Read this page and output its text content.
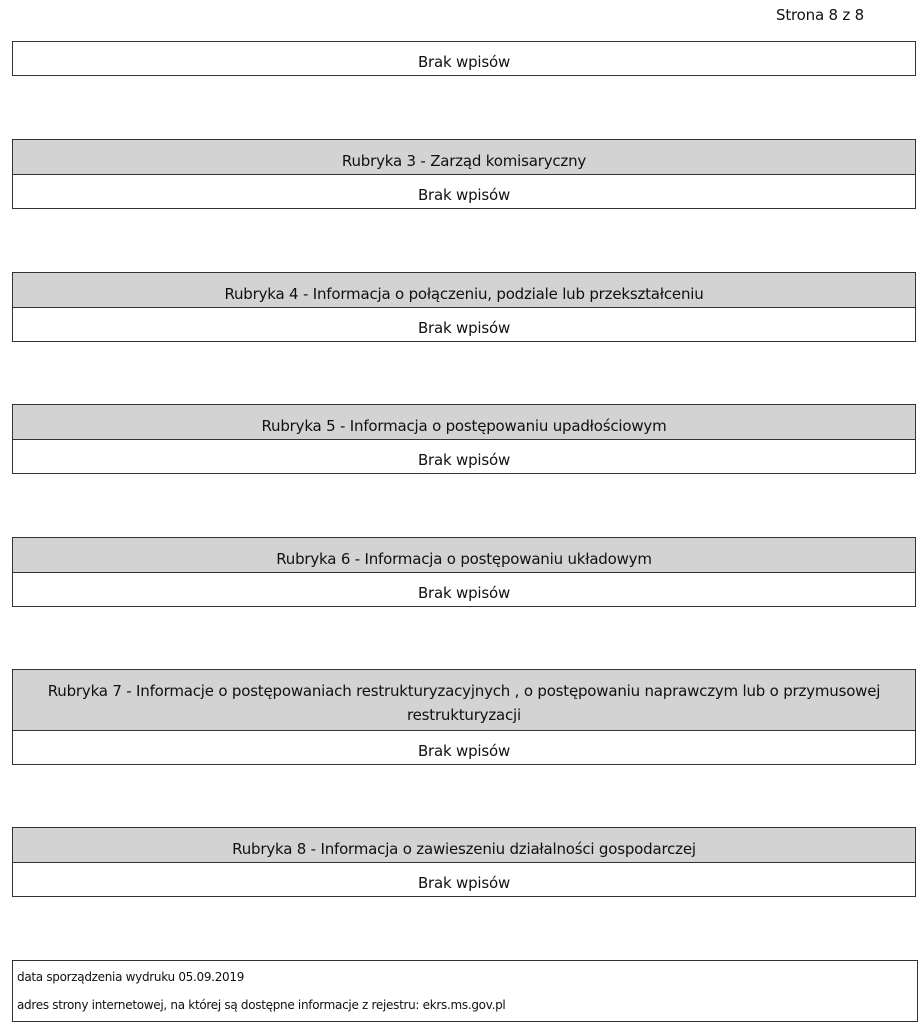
Strona 8 z 8
Brak wpisów
Rubryka 3 - Zarząd komisaryczny
Brak wpisów
Rubryka 4 - Informacja o połączeniu, podziale lub przekształceniu
Brak wpisów
Rubryka 5 - Informacja o postępowaniu upadłościowym
Brak wpisów
Rubryka 6 - Informacja o postępowaniu układowym
Brak wpisów
Rubryka 7 - Informacje o postępowaniach restrukturyzacyjnych , o postępowaniu naprawczym lub o przymusowej restrukturyzacji
Brak wpisów
Rubryka 8 - Informacja o zawieszeniu działalności gospodarczej
Brak wpisów
data sporządzenia wydruku 05.09.2019
adres strony internetowej, na której są dostępne informacje z rejestru: ekrs.ms.gov.pl
